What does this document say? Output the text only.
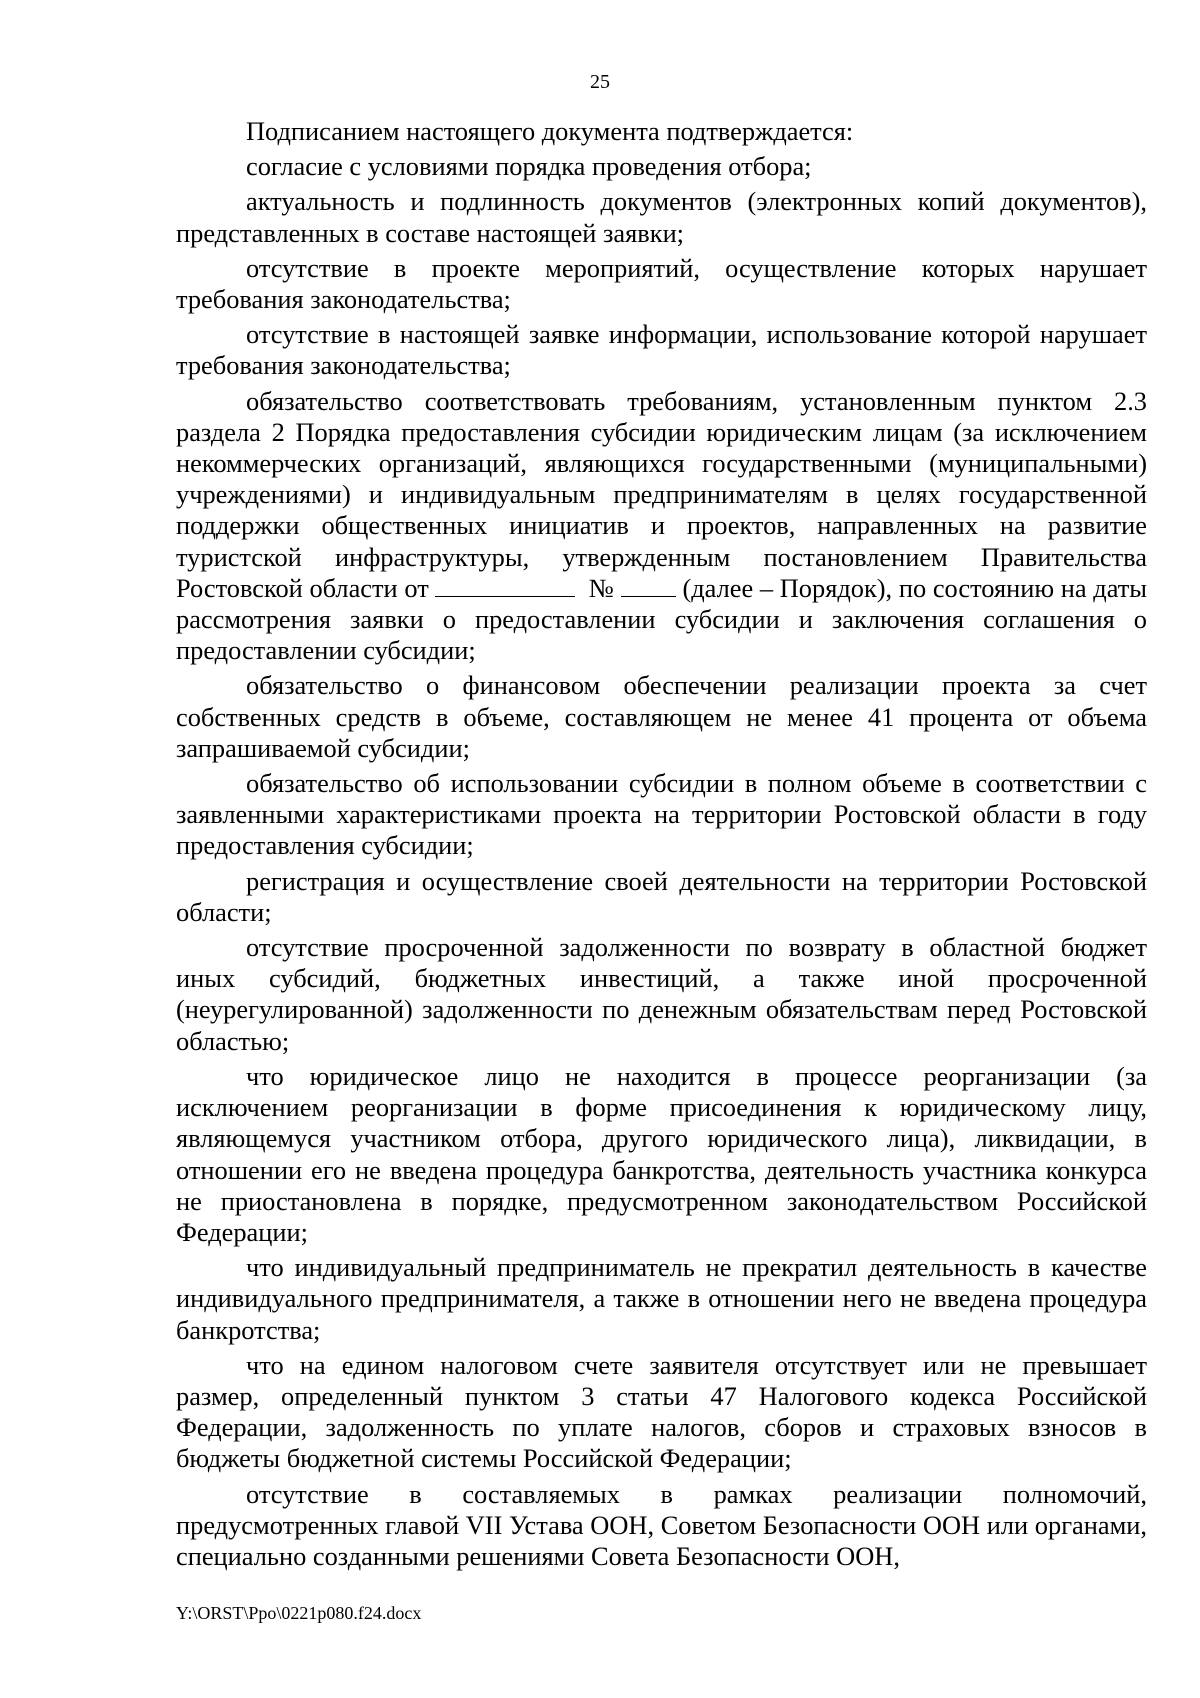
25

Подписанием настоящего документа подтверждается:

согласие с условиями порядка проведения отбора;

актуальность и подлинность документов (электронных копий документов), представленных в составе настоящей заявки;

отсутствие в проекте мероприятий, осуществление которых нарушает требования законодательства;

отсутствие в настоящей заявке информации, использование которой нарушает требования законодательства;

обязательство соответствовать требованиям, установленным пунктом 2.3 раздела 2 Порядка предоставления субсидии юридическим лицам (за исключением некоммерческих организаций, являющихся государственными (муниципальными) учреждениями) и индивидуальным предпринимателям в целях государственной поддержки общественных инициатив и проектов, направленных на развитие туристской инфраструктуры, утвержденным постановлением Правительства Ростовской области от	№	(далее – Порядок), по состоянию на даты рассмотрения заявки о предоставлении субсидии и заключения соглашения о предоставлении субсидии;

обязательство о финансовом обеспечении реализации проекта за счет собственных средств в объеме, составляющем не менее 41 процента от объема запрашиваемой субсидии;

обязательство об использовании субсидии в полном объеме в соответствии с заявленными характеристиками проекта на территории Ростовской области в году предоставления субсидии;

регистрация и осуществление своей деятельности на территории Ростовской области;

отсутствие просроченной задолженности по возврату в областной бюджет иных субсидий, бюджетных инвестиций, а также иной просроченной (неурегулированной) задолженности по денежным обязательствам перед Ростовской областью;

что юридическое лицо не находится в процессе реорганизации (за исключением реорганизации в форме присоединения к юридическому лицу, являющемуся участником отбора, другого юридического лица), ликвидации, в отношении его не введена процедура банкротства, деятельность участника конкурса не приостановлена в порядке, предусмотренном законодательством Российской Федерации;

что индивидуальный предприниматель не прекратил деятельность в качестве индивидуального предпринимателя, а также в отношении него не введена процедура банкротства;

что на едином налоговом счете заявителя отсутствует или не превышает размер, определенный пунктом 3 статьи 47 Налогового кодекса Российской Федерации, задолженность по уплате налогов, сборов и страховых взносов в бюджеты бюджетной системы Российской Федерации;

отсутствие в составляемых в рамках реализации полномочий, предусмотренных главой VII Устава ООН, Советом Безопасности ООН или органами, специально созданными решениями Совета Безопасности ООН,

Y:\ORST\Ppo\0221p080.f24.docx
